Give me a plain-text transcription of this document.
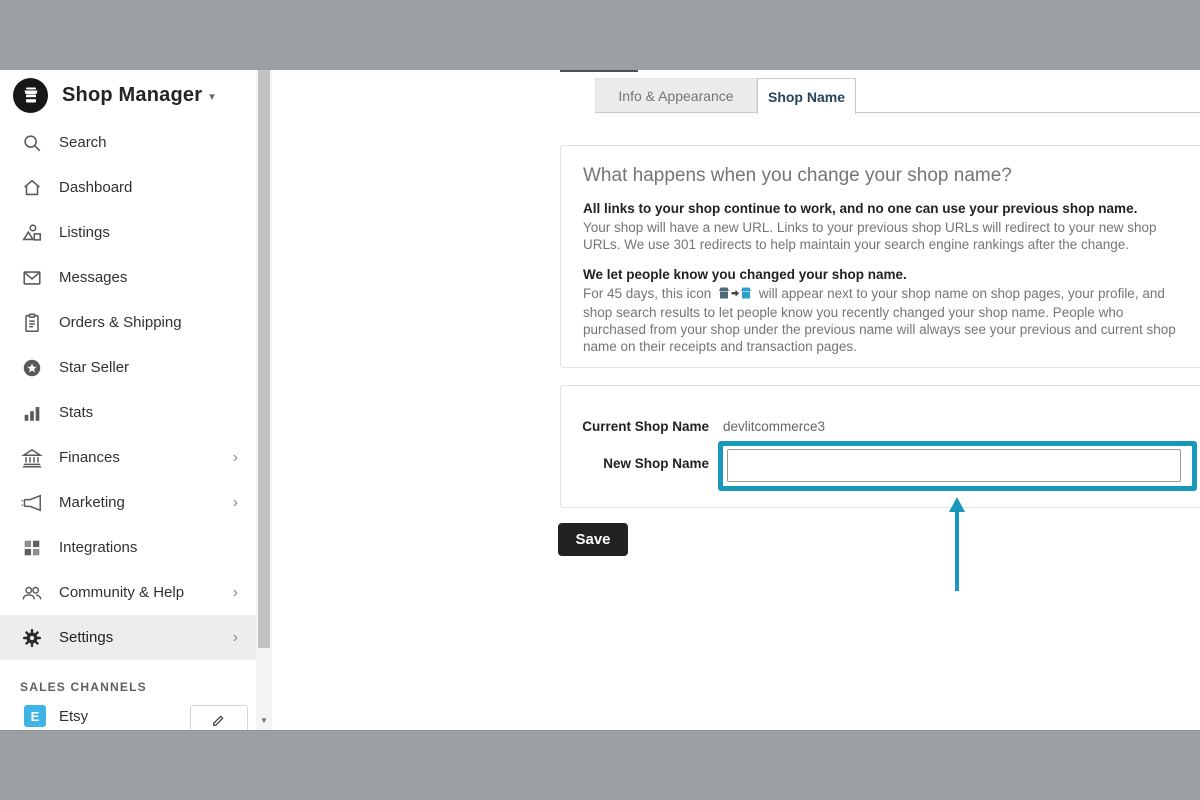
Shop Manager ▾
Search
Dashboard
Listings
Messages
Orders & Shipping
Star Seller
Stats
Finances	›
Marketing	›
Integrations
Community & Help	›
Settings	›
SALES CHANNELS
E	Etsy	▼
Info & Appearance	Shop Name
What happens when you change your shop name?
All links to your shop continue to work, and no one can use your previous shop name.
Your shop will have a new URL. Links to your previous shop URLs will redirect to your new shop URLs. We use 301 redirects to help maintain your search engine rankings after the change.
We let people know you changed your shop name.
For 45 days, this icon	will appear next to your shop name on shop pages, your profile, and shop search results to let people know you recently changed your shop name. People who purchased from your shop under the previous name will always see your previous and current shop name on their receipts and transaction pages.
Current Shop Name devlitcommerce3
New Shop Name
Save
